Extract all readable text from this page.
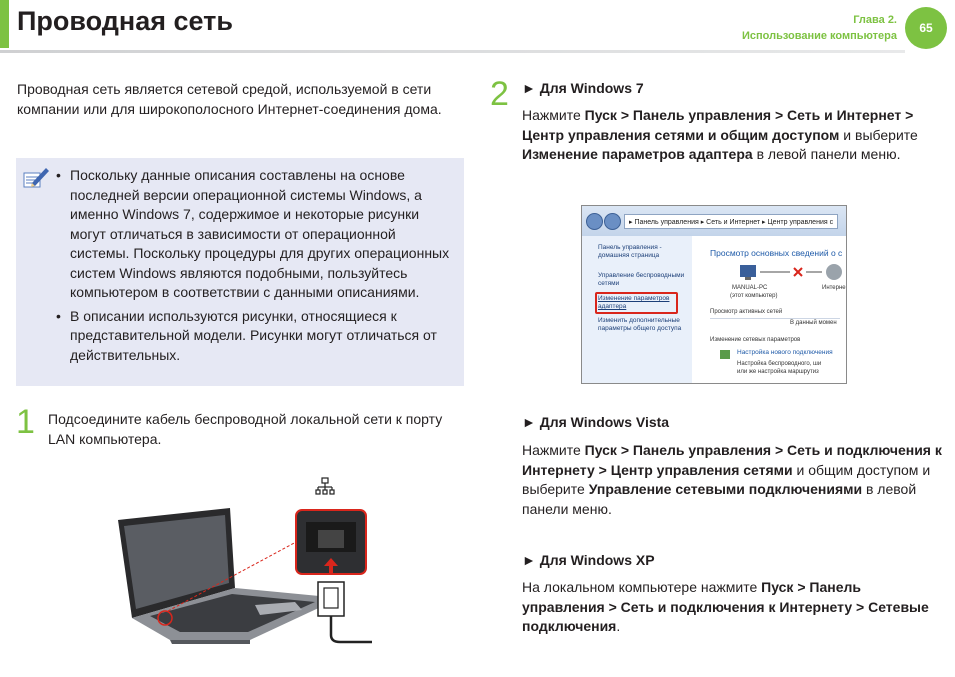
Проводная сеть	Глава 2.
Использование компьютера
65
Проводная сеть является сетевой средой, используемой в сети компании или для широкополосного Интернет-соединения дома.
• Поскольку данные описания составлены на основе последней версии операционной системы Windows, а именно Windows 7, содержимое и некоторые рисунки могут отличаться в зависимости от операционной системы. Поскольку процедуры для других операционных систем Windows являются подобными, пользуйтесь компьютером в соответствии с данными описаниями.
• В описании используются рисунки, относящиеся к представительной модели. Рисунки могут отличаться от действительных.
1 Подсоедините кабель беспроводной локальной сети к порту LAN компьютера.
2 ► Для Windows 7
Нажмите Пуск > Панель управления > Сеть и Интернет > Центр управления сетями и общим доступом и выберите Изменение параметров адаптера в левой панели меню.
▸ Панель управления ▸ Сеть и Интернет ▸ Центр управления с
Панель управления - домашняя страница
Управление беспроводными сетями
Изменение параметров адаптера
Изменить дополнительные параметры общего доступа
Просмотр основных сведений о с
MANUAL-PC
(этот компьютер)
Интерне
Просмотр активных сетей
В данный момен
Изменение сетевых параметров
Настройка нового подключения
Настройка беспроводного, ши
или же настройка маршрутиз
► Для Windows Vista
Нажмите Пуск > Панель управления > Сеть и подключения к Интернету > Центр управления сетями и общим доступом и выберите Управление сетевыми подключениями в левой панели меню.
► Для Windows XP
На локальном компьютере нажмите Пуск > Панель управления > Сеть и подключения к Интернету > Сетевые подключения.
